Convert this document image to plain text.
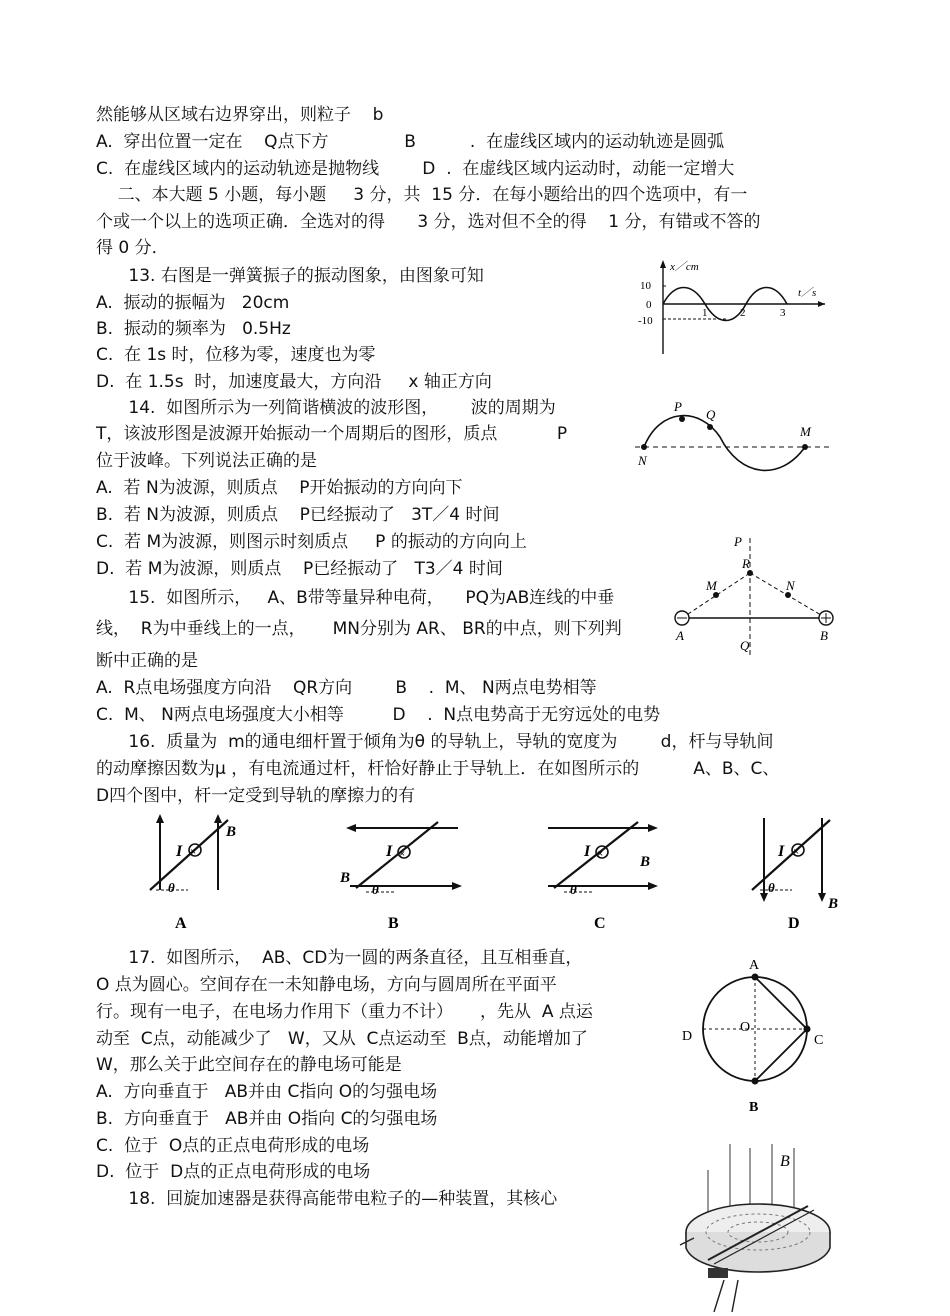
然能够从区域右边界穿出，则粒子    b
A.  穿出位置一定在    Q点下方              B          .  在虚线区域内的运动轨迹是圆弧
C.  在虚线区域内的运动轨迹是抛物线        D  .  在虚线区域内运动时，动能一定增大
二、本大题 5 小题，每小题     3 分，共  15 分．在每小题给出的四个选项中，有一
个或一个以上的选项正确．全选对的得      3 分，选对但不全的得    1 分，有错或不答的
得 0 分．
13. 右图是一弹簧振子的振动图象，由图象可知
A.  振动的振幅为   20cm
B.  振动的频率为   0.5Hz
C.  在 1s 时，位移为零，速度也为零
D.  在 1.5s  时，加速度最大，方向沿     x 轴正方向
14.  如图所示为一列简谐横波的波形图，      波的周期为
T，该波形图是波源开始振动一个周期后的图形，质点           P
位于波峰。下列说法正确的是
A.  若 N为波源，则质点    P开始振动的方向向下
B.  若 N为波源，则质点    P已经振动了   3T／4 时间
C.  若 M为波源，则图示时刻质点     P 的振动的方向向上
D.  若 M为波源，则质点    P已经振动了   T3／4 时间
15.  如图所示，   A、B带等量异种电荷，    PQ为AB连线的中垂
线，  R为中垂线上的一点，     MN分别为 AR、 BR的中点，则下列判
断中正确的是
A.  R点电场强度方向沿    QR方向        B    .  M、 N两点电势相等
C.  M、 N两点电场强度大小相等         D    .  N点电势高于无穷远处的电势
16.  质量为  m的通电细杆置于倾角为θ 的导轨上，导轨的宽度为        d，杆与导轨间
的动摩擦因数为μ ，有电流通过杆，杆恰好静止于导轨上．在如图所示的          A、B、C、
D四个图中，杆一定受到导轨的摩擦力的有
17.  如图所示，  AB、CD为一圆的两条直径，且互相垂直，
O 点为圆心。空间存在一未知静电场，方向与圆周所在平面平
行。现有一电子，在电场力作用下（重力不计）     ，先从  A 点运
动至  C点，动能减少了   W，又从  C点运动至  B点，动能增加了
W，那么关于此空间存在的静电场可能是
A.  方向垂直于   AB并由 C指向 O的匀强电场
B.  方向垂直于   AB并由 O指向 C的匀强电场
C.  位于  O点的正点电荷形成的电场
D.  位于  D点的正点电荷形成的电场
18.  回旋加速器是获得高能带电粒子的—种装置，其核心
x／cm
t／s
10
0
-10
1	2	3
P
Q
M
N
P
R
M	N
A
Q
B
I ×
B
θ
A
I ×
B
θ
B
I × B
θ
C
I ×
B
θ
D
A
O
D	C
B
B
